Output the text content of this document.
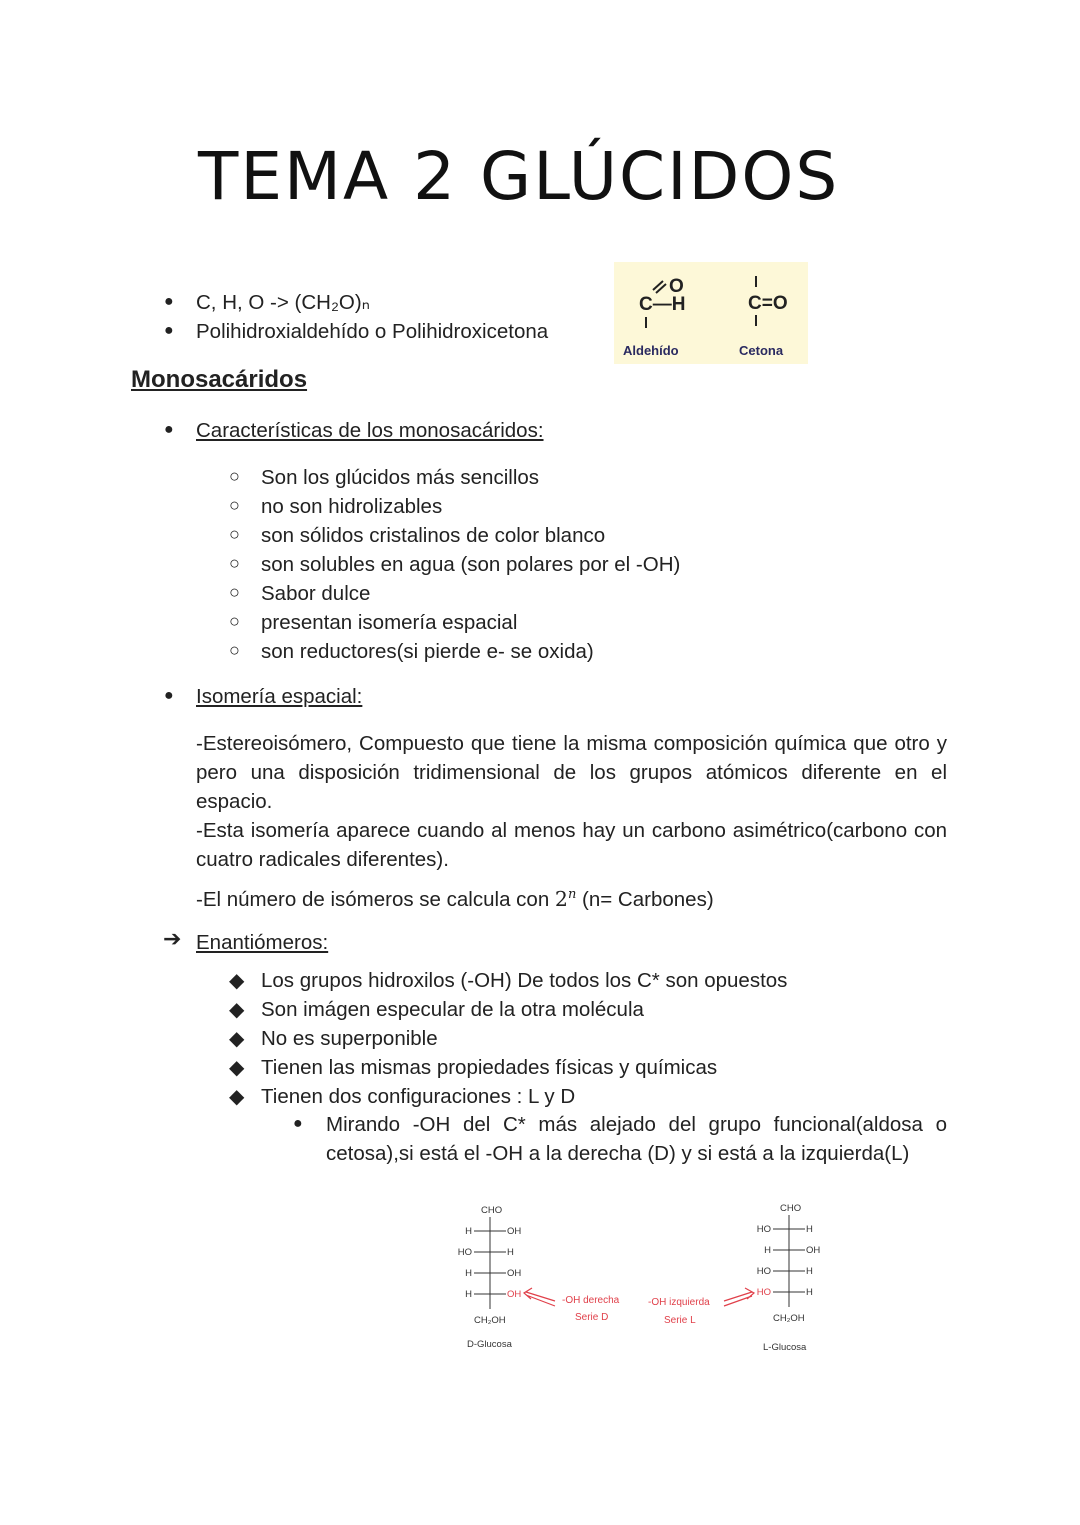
TEMA 2 GLÚCIDOS
● C, H, O -> (CH₂O)ₙ
● Polihidroxialdehído o Polihidroxicetona
C—H
O
C=O
Aldehído	Cetona
Monosacáridos
● Características de los monosacáridos:
● Isomería espacial:
-Estereoisómero, Compuesto que tiene la misma composición química que otro y pero una disposición tridimensional de los grupos atómicos diferente en el espacio.
-Esta isomería aparece cuando al menos hay un carbono asimétrico(carbono con cuatro radicales diferentes).
-El número de isómeros se calcula con 2$^n$ (n= Carbones)
➔ Enantiómeros:
● Mirando -OH del C* más alejado del grupo funcional(aldosa o cetosa),si está el -OH a la derecha (D) y si está a la izquierda(L)
CHO
H	OH
HO	H
H	OH
H	OH
CH₂OH
CHO
HO	H
H	OH
HO	H
HO	H
CH₂OH
-OH derecha
Serie D
-OH izquierda
Serie L
D-Glucosa	L-Glucosa
○ Son los glúcidos más sencillos
○ no son hidrolizables
○ son sólidos cristalinos de color blanco
○ son solubles en agua (son polares por el -OH)
○ Sabor dulce
○ presentan isomería espacial
○ son reductores(si pierde e- se oxida)
◆ Los grupos hidroxilos (-OH) De todos los C* son opuestos
◆ Son imágen especular de la otra molécula
◆ No es superponible
◆ Tienen las mismas propiedades físicas y químicas
◆ Tienen dos configuraciones : L y D
